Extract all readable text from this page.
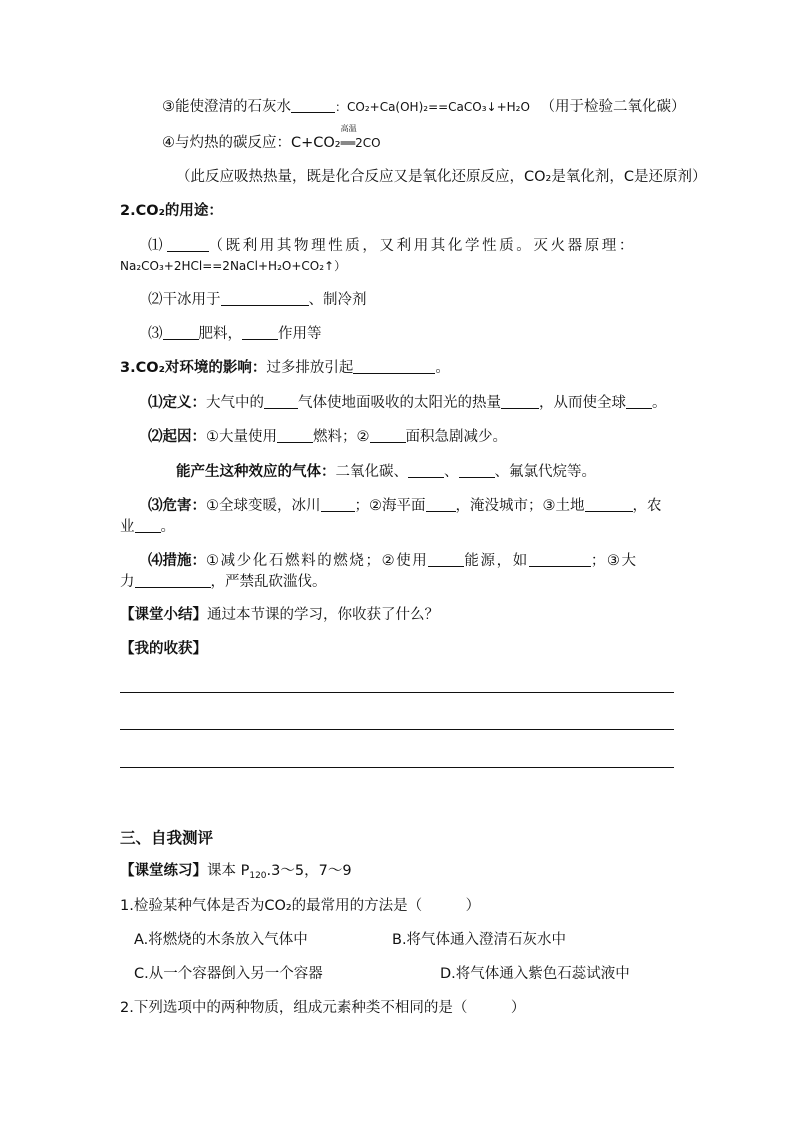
③能使澄清的石灰水	：CO₂+Ca(OH)₂==CaCO₃↓+H₂O （用于检验二氧化碳）
④与灼热的碳反应：C+CO₂
高温
══2CO
（此反应吸热热量，既是化合反应又是氧化还原反应，CO₂是氧化剂，C是还原剂）
2.CO₂的用途：
⑴	（既利用其物理性质，又利用其化学性质。灭火器原理：
Na₂CO₃+2HCl==2NaCl+H₂O+CO₂↑）
⑵干冰用于	、制冷剂
⑶ 肥料， 作用等
3.CO₂对环境的影响：过多排放引起	。
⑴定义：大气中的 气体使地面吸收的太阳光的热量	，从而使全球 。
⑵起因：①大量使用 燃料；② 面积急剧减少。
能产生这种效应的气体：二氧化碳、 、 、氟氯代烷等。
⑶危害：①全球变暖，冰川 ；②海平面 ，淹没城市；③土地	，农
业 。
⑷措施：①减少化石燃料的燃烧；②使用 能源，如	；③大
力	，严禁乱砍滥伐。
【课堂小结】通过本节课的学习，你收获了什么？
【我的收获】
三、自我测评
【课堂练习】课本 $P_{120}.3\sim 5$，7～9
1.检验某种气体是否为CO₂的最常用的方法是（　　　）
A.将燃烧的木条放入气体中	B.将气体通入澄清石灰水中
C.从一个容器倒入另一个容器	D.将气体通入紫色石蕊试液中
2.下列选项中的两种物质，组成元素种类不相同的是（　　　）
